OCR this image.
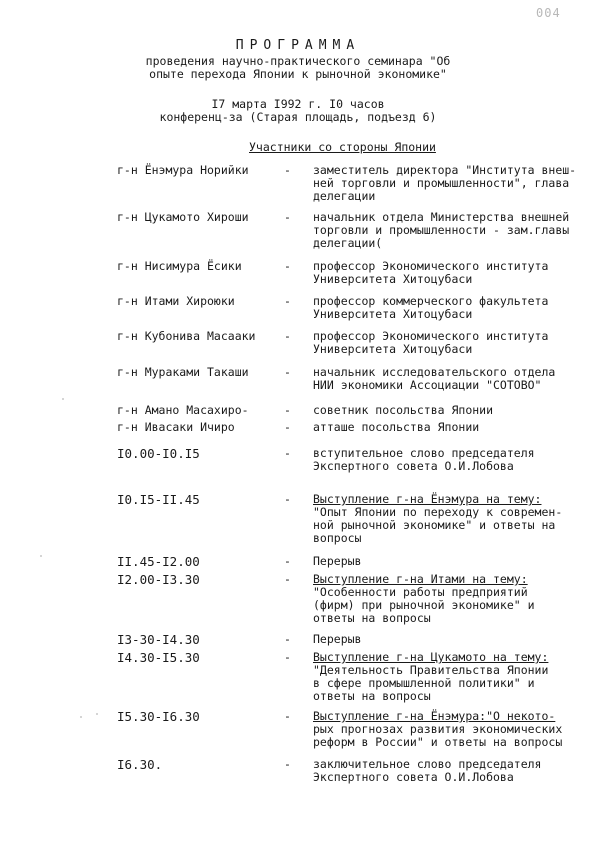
004
ПРОГРАММА
проведения научно-практического семинара "Об
опыте перехода Японии к рыночной экономике"
I7 марта I992 г. I0 часов
конференц-за (Старая площадь, подъезд 6)
Участники со стороны Японии
г-н Ёнэмура Норийки	- заместитель директора "Института внеш-
ней торговли и промышленности", глава
делегации
г-н Цукамото Хироши	- начальник отдела Министерства внешней
торговли и промышленности - зам.главы
делегации(
г-н Нисимура Ёсики	- профессор Экономического института
Университета Хитоцубаси
г-н Итами Хироюки	- профессор коммерческого факультета
Университета Хитоцубаси
г-н Кубонива Масааки - профессор Экономического института
Университета Хитоцубаси
г-н Мураками Такаши	- начальник исследовательского отдела
НИИ экономики Ассоциации "СОТОВО"
г-н Амано Масахиро-	- советник посольства Японии
г-н Ивасаки Ичиро	- атташе посольства Японии
I0.00-I0.I5	- вступительное слово председателя
Экспертного совета О.И.Лобова
I0.I5-II.45	- Выступление г-на Ёнэмура на тему:
"Опыт Японии по переходу к современ-
ной рыночной экономике" и ответы на
вопросы
II.45-I2.00	- Перерыв
I2.00-I3.30	- Выступление г-на Итами на тему:
"Особенности работы предприятий
(фирм) при рыночной экономике" и
ответы на вопросы
I3-30-I4.30	- Перерыв
I4.30-I5.30	- Выступление г-на Цукамото на тему:
"Деятельность Правительства Японии
в сфере промышленной политики" и
ответы на вопросы
I5.30-I6.30	- Выступление г-на Ёнэмура:"О некото-
рых прогнозах развития экономических
реформ в России" и ответы на вопросы
I6.30.	- заключительное слово председателя
Экспертного совета О.И.Лобова
